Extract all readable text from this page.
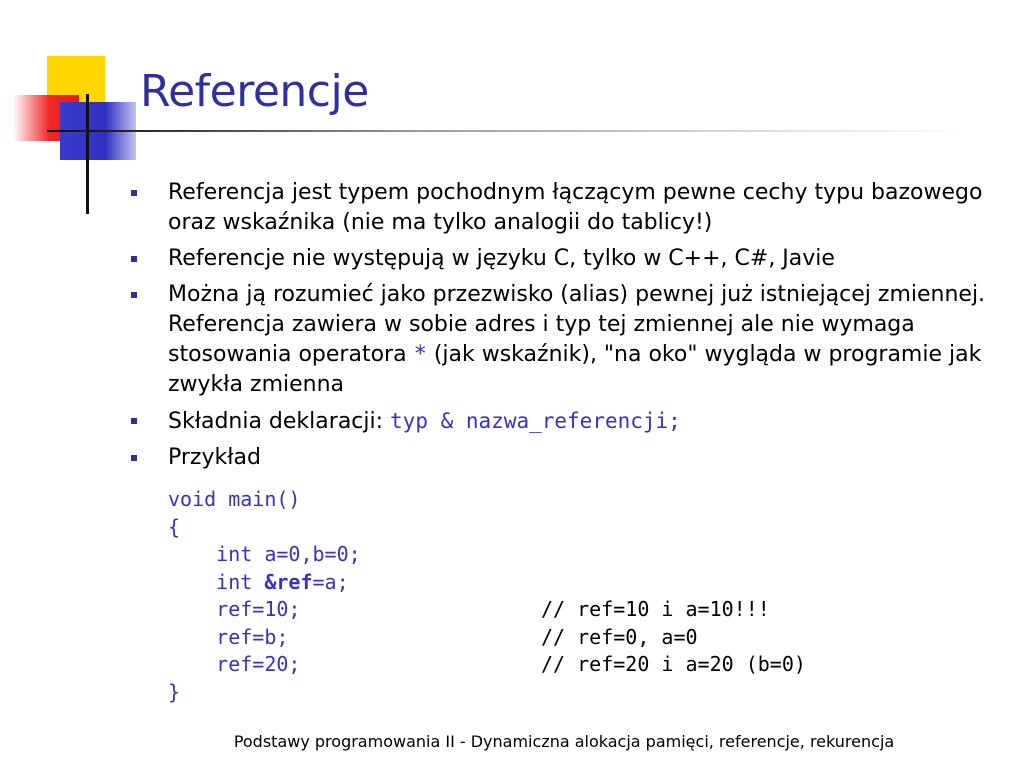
Referencje
Referencja jest typem pochodnym łączącym pewne cechy typu bazowego oraz wskaźnika (nie ma tylko analogii do tablicy!)
Referencje nie występują w języku C, tylko w C++, C#, Javie
Można ją rozumieć jako przezwisko (alias) pewnej już istniejącej zmiennej. Referencja zawiera w sobie adres i typ tej zmiennej ale nie wymaga stosowania operatora * (jak wskaźnik), "na oko" wygląda w programie jak zwykła zmienna
Składnia deklaracji: typ & nazwa_referencji;
Przykład
void main()
{
int a=0,b=0;
int &ref=a;
ref=10;	// ref=10 i a=10!!!
ref=b;	// ref=0, a=0
ref=20;	// ref=20 i a=20 (b=0)
}
Podstawy programowania II - Dynamiczna alokacja pamięci, referencje, rekurencja
